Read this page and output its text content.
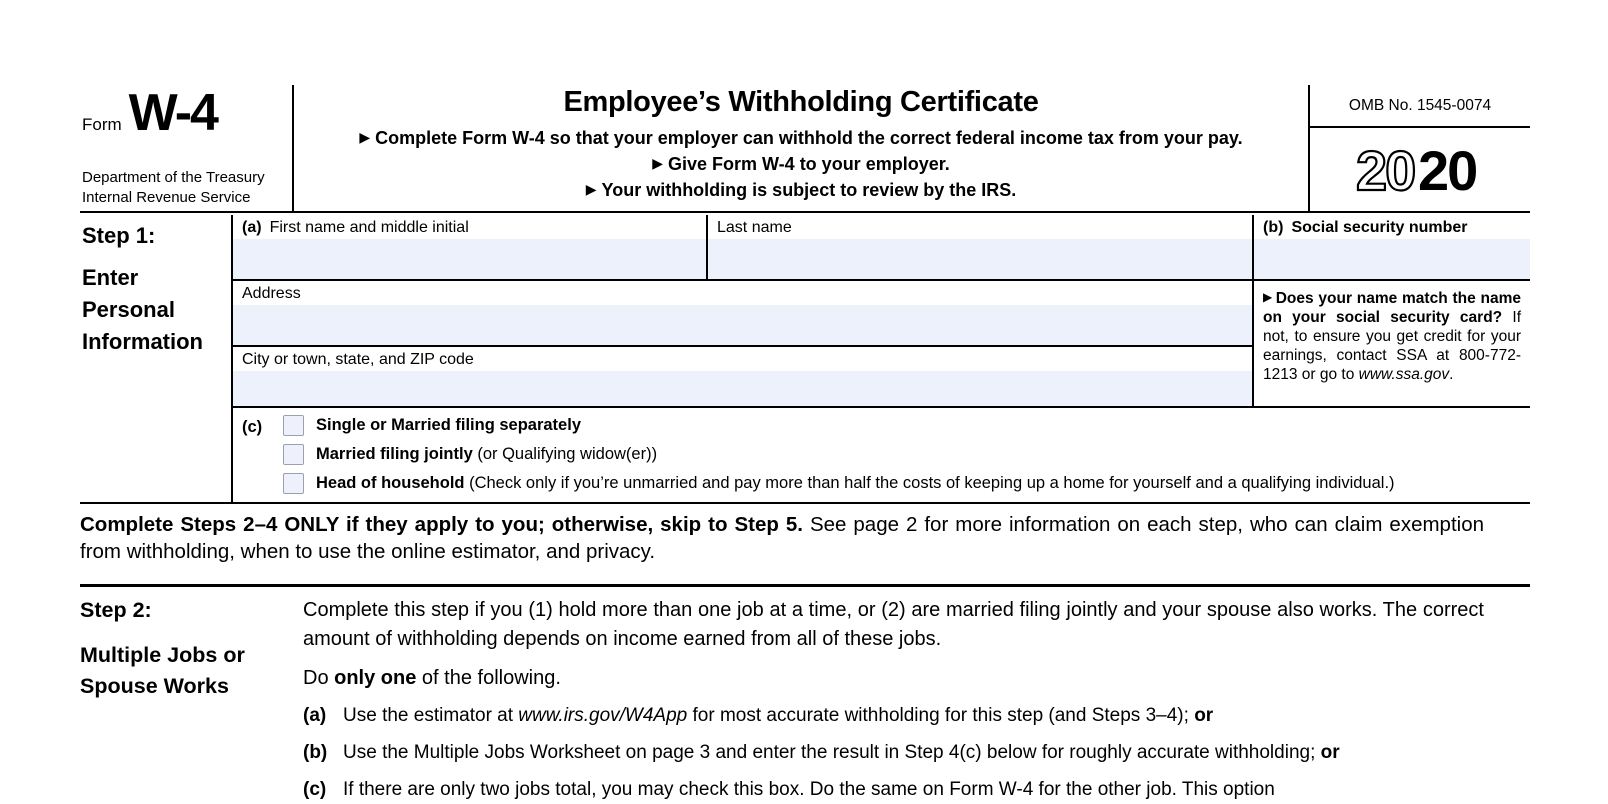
Form W-4
Department of the Treasury
Internal Revenue Service
Employee’s Withholding Certificate
▶ Complete Form W-4 so that your employer can withhold the correct federal income tax from your pay.
▶ Give Form W-4 to your employer.
▶ Your withholding is subject to review by the IRS.
OMB No. 1545-0074
20 20
Step 1:
Enter Personal Information
(a) First name and middle initial	Last name
Address
City or town, state, and ZIP code
(b) Social security number
▶ Does your name match the name on your social security card? If not, to ensure you get credit for your earnings, contact SSA at 800-772-1213 or go to www.ssa.gov.
(c)	Single or Married filing separately
Married filing jointly (or Qualifying widow(er))
Head of household (Check only if you’re unmarried and pay more than half the costs of keeping up a home for yourself and a qualifying individual.)
Complete Steps 2–4 ONLY if they apply to you; otherwise, skip to Step 5. See page 2 for more information on each step, who can claim exemption from withholding, when to use the online estimator, and privacy.
Step 2:
Multiple Jobs or Spouse Works
Complete this step if you (1) hold more than one job at a time, or (2) are married filing jointly and your spouse also works. The correct amount of withholding depends on income earned from all of these jobs.
Do only one of the following.
(a) Use the estimator at www.irs.gov/W4App for most accurate withholding for this step (and Steps 3–4); or
(b) Use the Multiple Jobs Worksheet on page 3 and enter the result in Step 4(c) below for roughly accurate withholding; or
(c) If there are only two jobs total, you may check this box. Do the same on Form W-4 for the other job. This option
